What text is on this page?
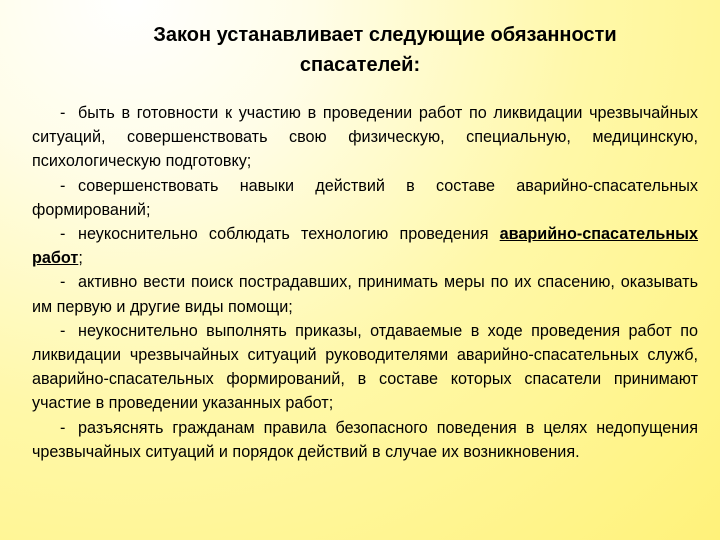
Закон устанавливает следующие обязанности
спасателей:

- быть в готовности к участию в проведении работ по ликвидации чрезвычайных ситуаций, совершенствовать свою физическую, специальную, медицинскую, психологическую подготовку;

- совершенствовать навыки действий в составе аварийно-спасательных формирований;

- неукоснительно соблюдать технологию проведения аварийно-спасательных работ;

- активно вести поиск пострадавших, принимать меры по их спасению, оказывать им первую и другие виды помощи;

- неукоснительно выполнять приказы, отдаваемые в ходе проведения работ по ликвидации чрезвычайных ситуаций руководителями аварийно-спасательных служб, аварийно-спасательных формирований, в составе которых спасатели принимают участие в проведении указанных работ;

- разъяснять гражданам правила безопасного поведения в целях недопущения чрезвычайных ситуаций и порядок действий в случае их возникновения.
